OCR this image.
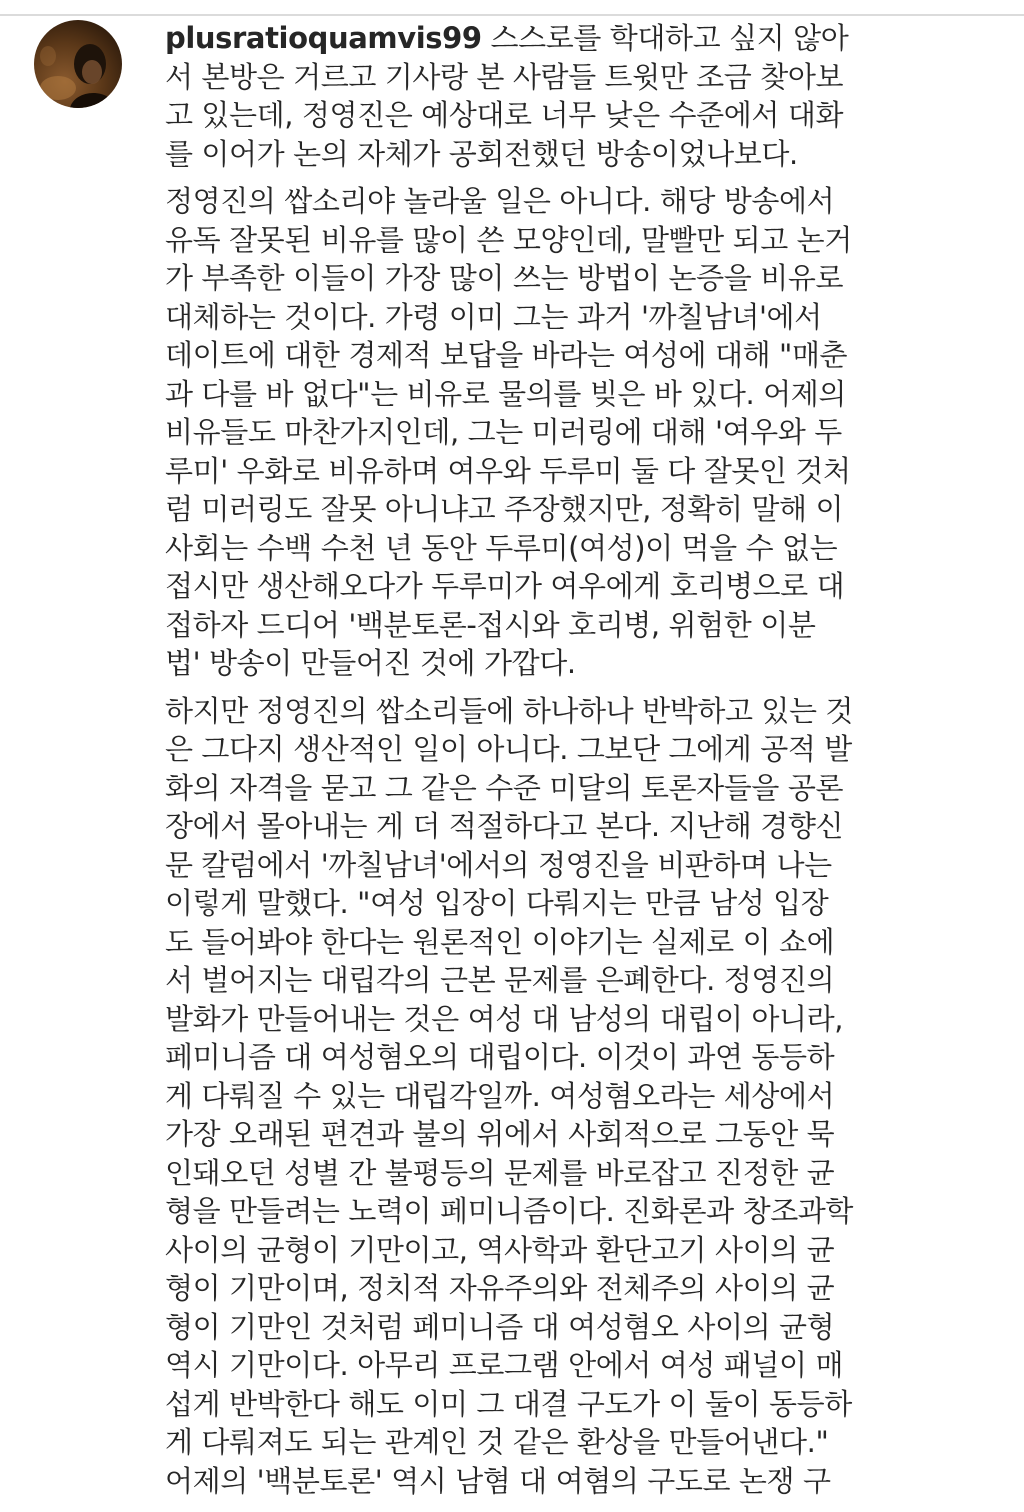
plusratioquamvis99 스스로를 학대하고 싶지 않아
서 본방은 거르고 기사랑 본 사람들 트윗만 조금 찾아보
고 있는데, 정영진은 예상대로 너무 낮은 수준에서 대화
를 이어가 논의 자체가 공회전했던 방송이었나보다.

정영진의 쌉소리야 놀라울 일은 아니다. 해당 방송에서
유독 잘못된 비유를 많이 쓴 모양인데, 말빨만 되고 논거
가 부족한 이들이 가장 많이 쓰는 방법이 논증을 비유로
대체하는 것이다. 가령 이미 그는 과거 '까칠남녀'에서
데이트에 대한 경제적 보답을 바라는 여성에 대해 "매춘
과 다를 바 없다"는 비유로 물의를 빚은 바 있다. 어제의
비유들도 마찬가지인데, 그는 미러링에 대해 '여우와 두
루미' 우화로 비유하며 여우와 두루미 둘 다 잘못인 것처
럼 미러링도 잘못 아니냐고 주장했지만, 정확히 말해 이
사회는 수백 수천 년 동안 두루미(여성)이 먹을 수 없는
접시만 생산해오다가 두루미가 여우에게 호리병으로 대
접하자 드디어 '백분토론-접시와 호리병, 위험한 이분
법' 방송이 만들어진 것에 가깝다.

하지만 정영진의 쌉소리들에 하나하나 반박하고 있는 것
은 그다지 생산적인 일이 아니다. 그보단 그에게 공적 발
화의 자격을 묻고 그 같은 수준 미달의 토론자들을 공론
장에서 몰아내는 게 더 적절하다고 본다. 지난해 경향신
문 칼럼에서 '까칠남녀'에서의 정영진을 비판하며 나는
이렇게 말했다. "여성 입장이 다뤄지는 만큼 남성 입장
도 들어봐야 한다는 원론적인 이야기는 실제로 이 쇼에
서 벌어지는 대립각의 근본 문제를 은폐한다. 정영진의
발화가 만들어내는 것은 여성 대 남성의 대립이 아니라,
페미니즘 대 여성혐오의 대립이다. 이것이 과연 동등하
게 다뤄질 수 있는 대립각일까. 여성혐오라는 세상에서
가장 오래된 편견과 불의 위에서 사회적으로 그동안 묵
인돼오던 성별 간 불평등의 문제를 바로잡고 진정한 균
형을 만들려는 노력이 페미니즘이다. 진화론과 창조과학
사이의 균형이 기만이고, 역사학과 환단고기 사이의 균
형이 기만이며, 정치적 자유주의와 전체주의 사이의 균
형이 기만인 것처럼 페미니즘 대 여성혐오 사이의 균형
역시 기만이다. 아무리 프로그램 안에서 여성 패널이 매
섭게 반박한다 해도 이미 그 대결 구도가 이 둘이 동등하
게 다뤄져도 되는 관계인 것 같은 환상을 만들어낸다."
어제의 '백분토론' 역시 남혐 대 여혐의 구도로 논쟁 구
